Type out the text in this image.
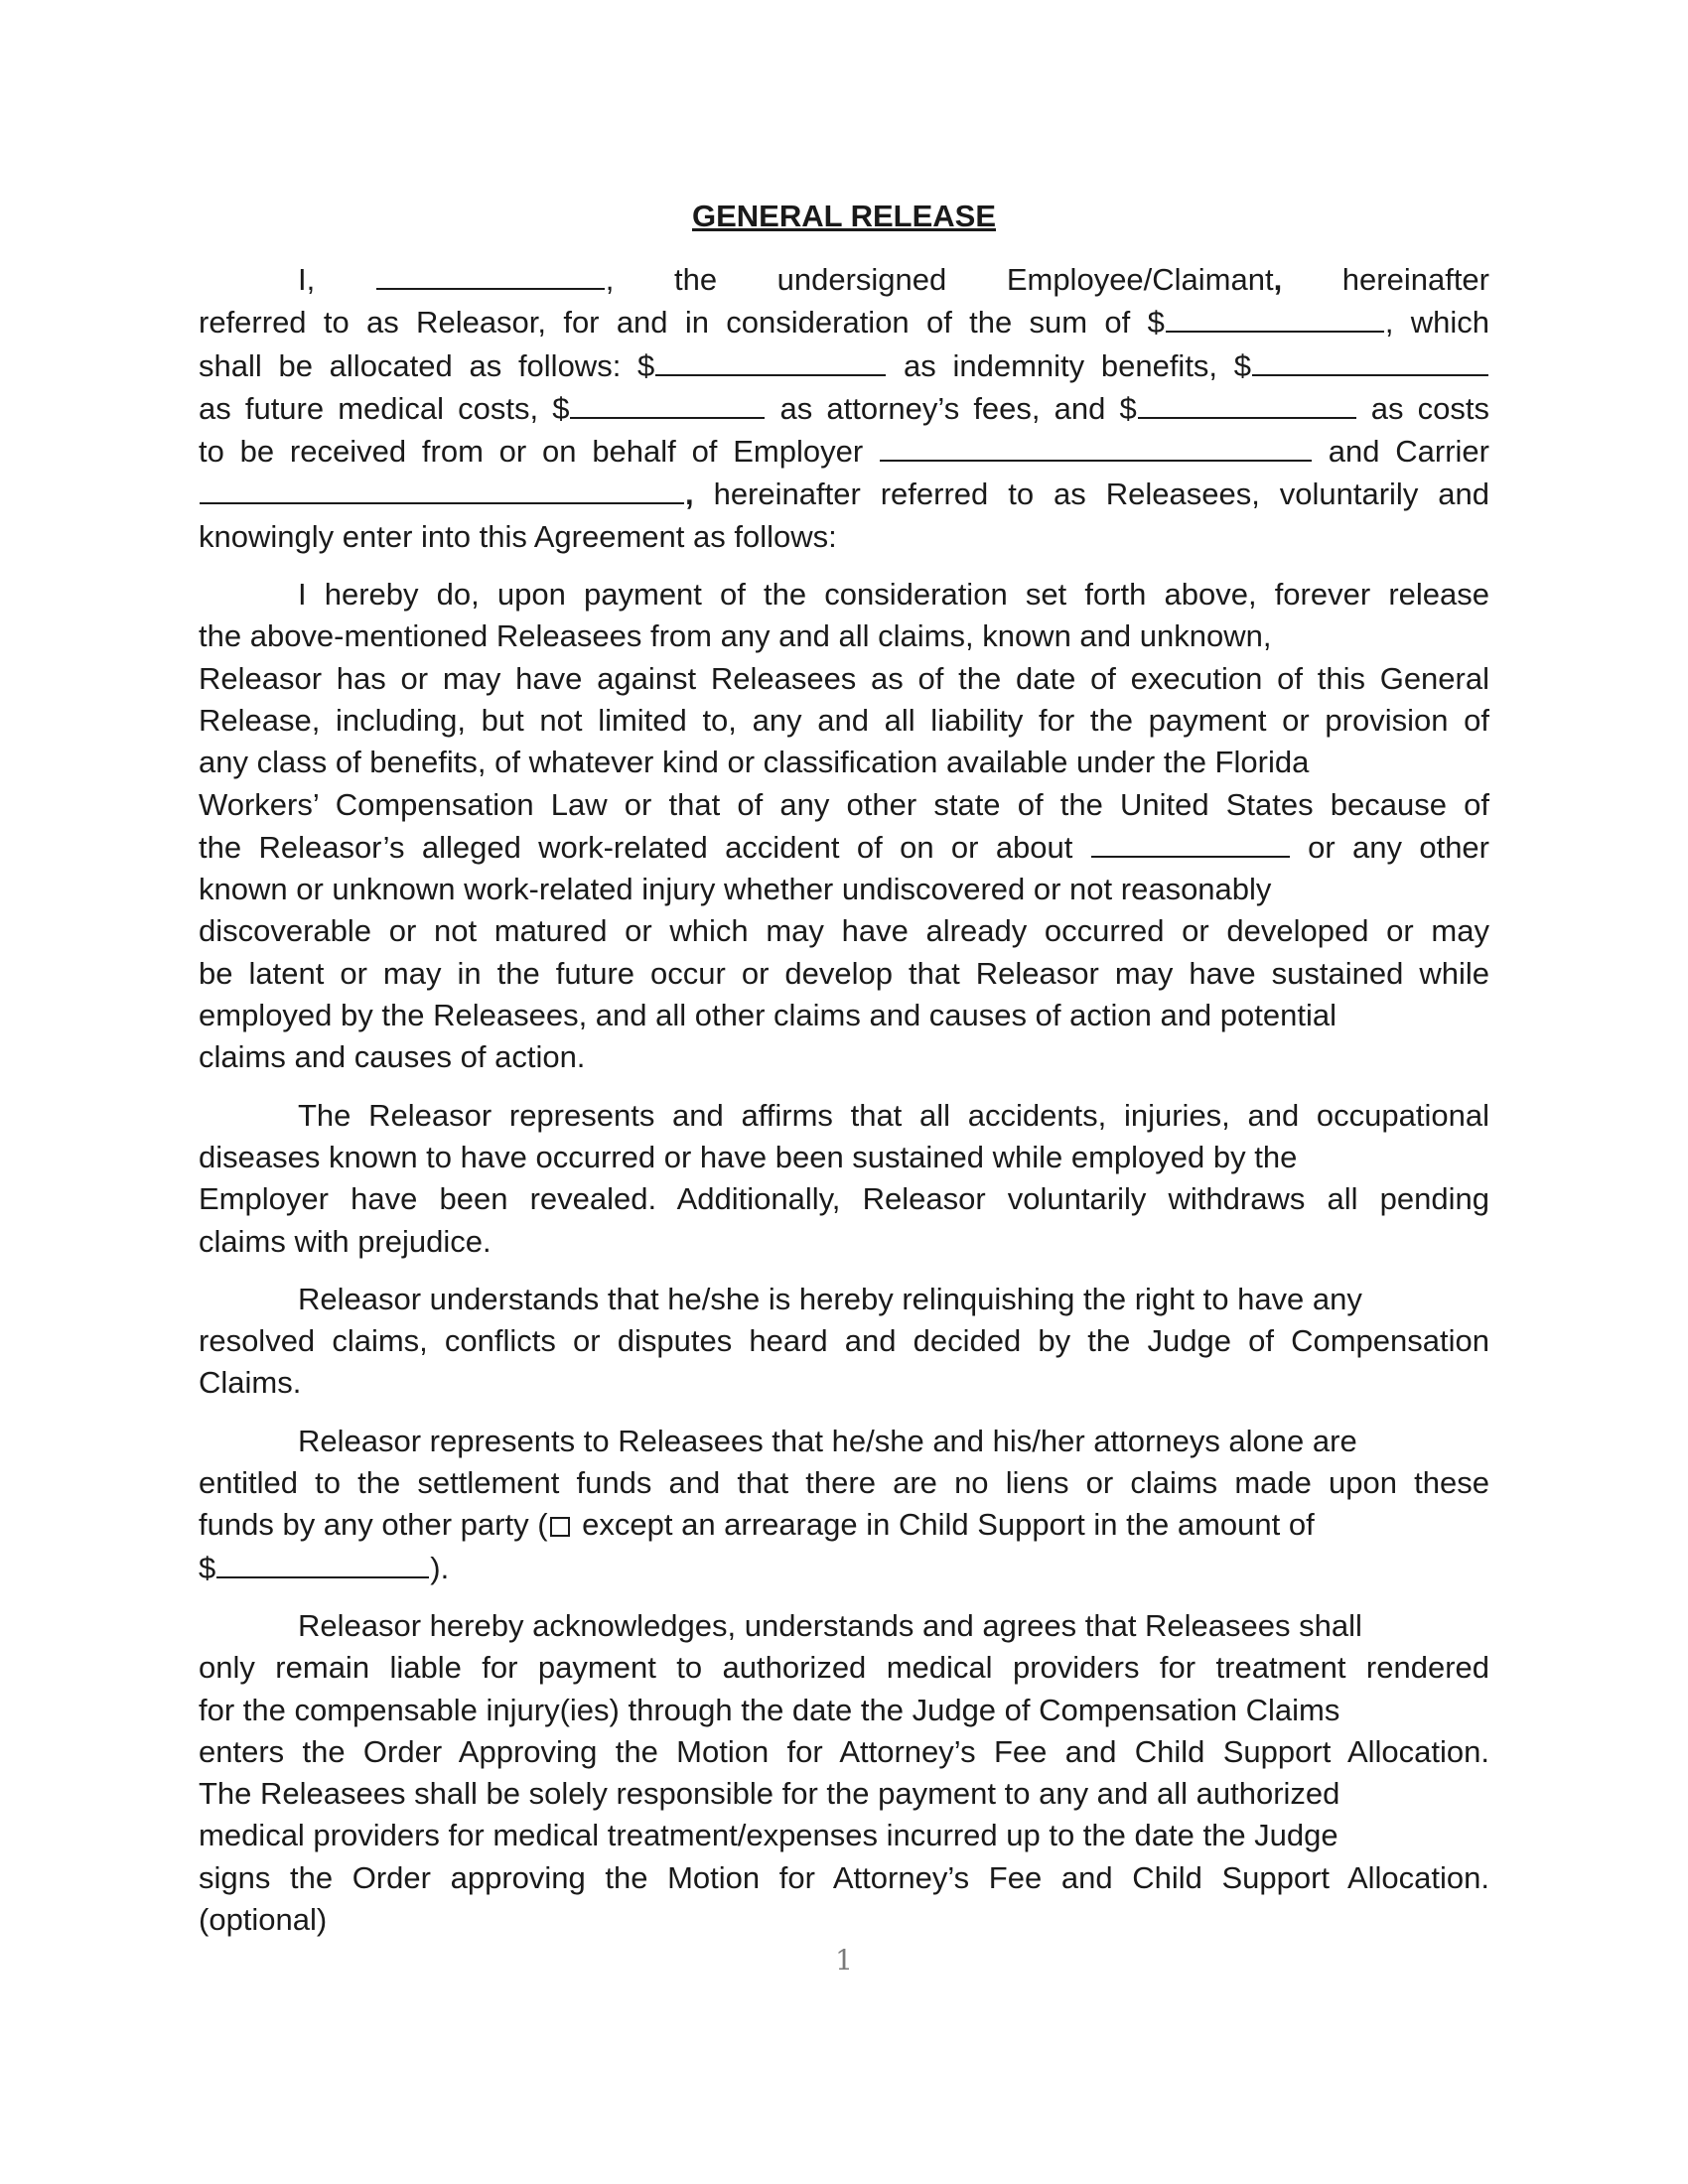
GENERAL RELEASE
I,	, the undersigned Employee/Claimant, hereinafter
referred to as Releasor, for and in consideration of the sum of $	, which
shall be allocated as follows: $	as indemnity benefits, $
as future medical costs, $	as attorney’s fees, and $	as costs
to be received from or on behalf of Employer	and Carrier
, hereinafter referred to as Releasees, voluntarily and
knowingly enter into this Agreement as follows:
I hereby do, upon payment of the consideration set forth above, forever release
the above-mentioned Releasees from any and all claims, known and unknown,
Releasor has or may have against Releasees as of the date of execution of this General
Release, including, but not limited to, any and all liability for the payment or provision of
any class of benefits, of whatever kind or classification available under the Florida
Workers’ Compensation Law or that of any other state of the United States because of
the Releasor’s alleged work-related accident of on or about	or any other
known or unknown work-related injury whether undiscovered or not reasonably
discoverable or not matured or which may have already occurred or developed or may
be latent or may in the future occur or develop that Releasor may have sustained while
employed by the Releasees, and all other claims and causes of action and potential
claims and causes of action.
The Releasor represents and affirms that all accidents, injuries, and occupational
diseases known to have occurred or have been sustained while employed by the
Employer have been revealed. Additionally, Releasor voluntarily withdraws all pending
claims with prejudice.
Releasor understands that he/she is hereby relinquishing the right to have any
resolved claims, conflicts or disputes heard and decided by the Judge of Compensation
Claims.
Releasor represents to Releasees that he/she and his/her attorneys alone are
entitled to the settlement funds and that there are no liens or claims made upon these
funds by any other party ( except an arrearage in Child Support in the amount of
$	).
Releasor hereby acknowledges, understands and agrees that Releasees shall
only remain liable for payment to authorized medical providers for treatment rendered
for the compensable injury(ies) through the date the Judge of Compensation Claims
enters the Order Approving the Motion for Attorney’s Fee and Child Support Allocation.
The Releasees shall be solely responsible for the payment to any and all authorized
medical providers for medical treatment/expenses incurred up to the date the Judge
signs the Order approving the Motion for Attorney’s Fee and Child Support Allocation.
(optional)
1
